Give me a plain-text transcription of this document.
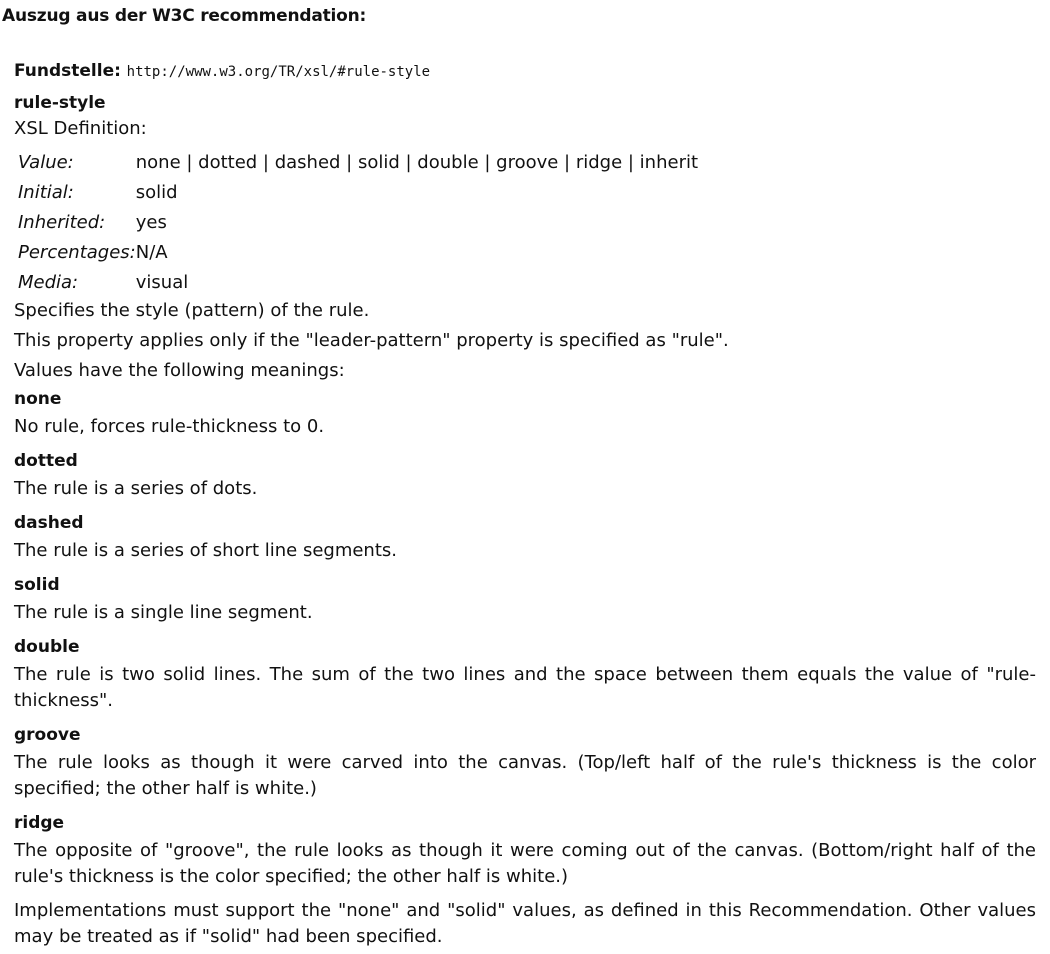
Auszug aus der W3C recommendation:
Fundstelle: http://www.w3.org/TR/xsl/#rule-style
rule-style
XSL Definition:
Value:	none | dotted | dashed | solid | double | groove | ridge | inherit
Initial:	solid
Inherited:	yes
Percentages:	N/A
Media:	visual
Specifies the style (pattern) of the rule.
This property applies only if the "leader-pattern" property is specified as "rule".
Values have the following meanings:
none
No rule, forces rule-thickness to 0.
dotted
The rule is a series of dots.
dashed
The rule is a series of short line segments.
solid
The rule is a single line segment.
double
The rule is two solid lines. The sum of the two lines and the space between them equals the value of "rule-thickness".
groove
The rule looks as though it were carved into the canvas. (Top/left half of the rule's thickness is the color specified; the other half is white.)
ridge
The opposite of "groove", the rule looks as though it were coming out of the canvas. (Bottom/right half of the rule's thickness is the color specified; the other half is white.)
Implementations must support the "none" and "solid" values, as defined in this Recommendation. Other values may be treated as if "solid" had been specified.
